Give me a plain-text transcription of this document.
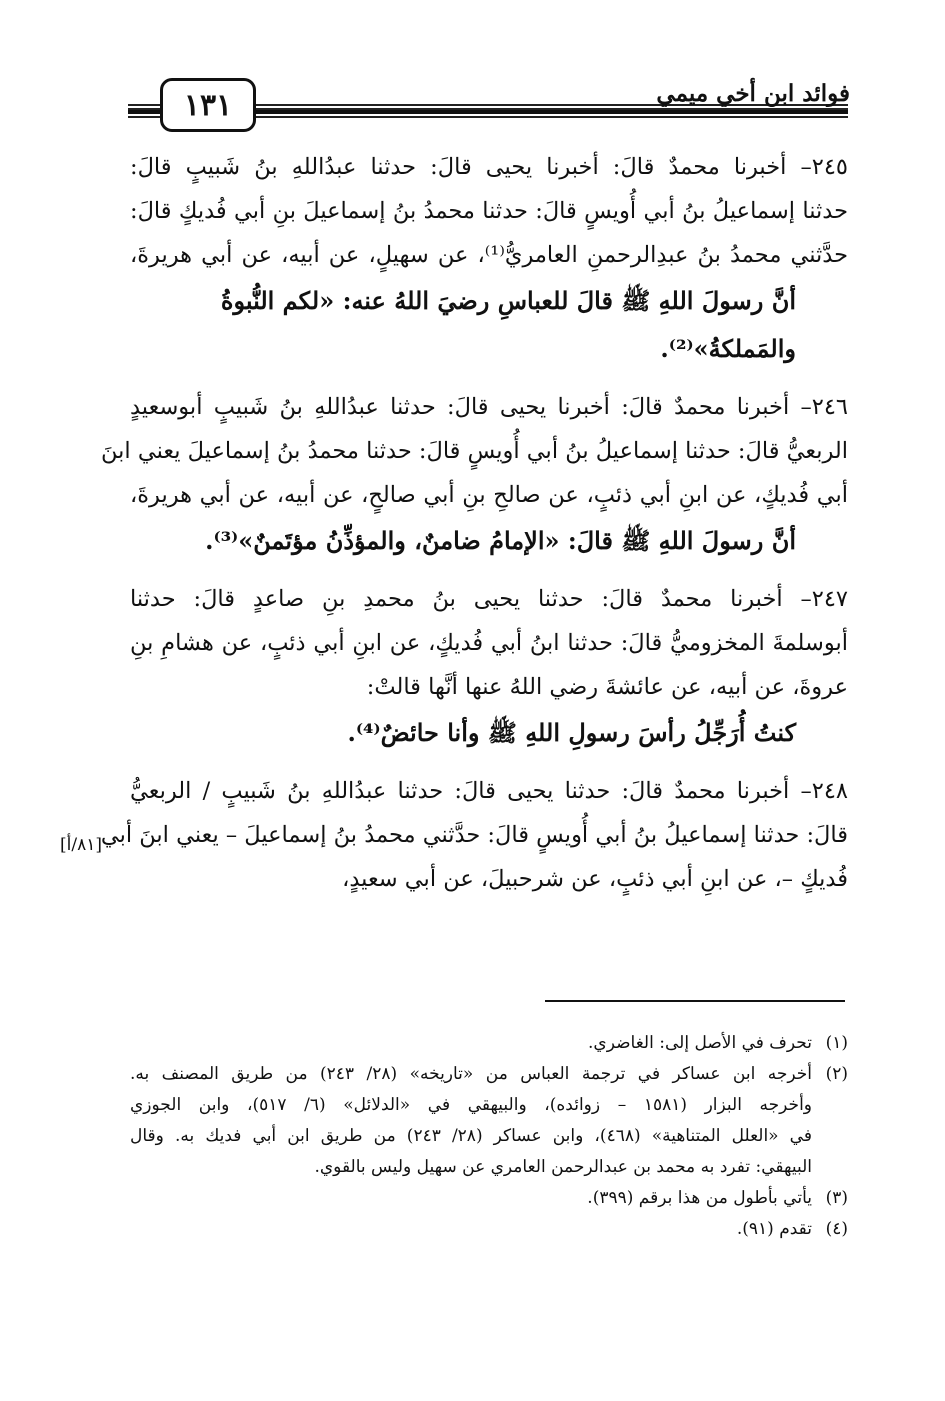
١٣١	فوائد ابن أخي ميمي
٢٤٥– أخبرنا محمدٌ قالَ: أخبرنا يحيى قالَ: حدثنا عبدُاللهِ بنُ شَبيبٍ قالَ:
حدثنا إسماعيلُ بنُ أبي أُويسٍ قالَ: حدثنا محمدُ بنُ إسماعيلَ بنِ أبي فُديكٍ قالَ:
حدَّثني محمدُ بنُ عبدِالرحمنِ العامريُّ⁽¹⁾، عن سهيلٍ، عن أبيه، عن أبي هريرةَ،
أنَّ رسولَ اللهِ ﷺ قالَ للعباسِ رضيَ اللهُ عنه: «لكم النُّبوةُ والمَملكةُ»⁽²⁾.
٢٤٦– أخبرنا محمدٌ قالَ: أخبرنا يحيى قالَ: حدثنا عبدُاللهِ بنُ شَبيبٍ أبوسعيدٍ
الربعيُّ قالَ: حدثنا إسماعيلُ بنُ أبي أُويسٍ قالَ: حدثنا محمدُ بنُ إسماعيلَ يعني ابنَ
أبي فُديكٍ، عن ابنِ أبي ذئبٍ، عن صالحِ بنِ أبي صالحٍ، عن أبيه، عن أبي هريرةَ،
أنَّ رسولَ اللهِ ﷺ قالَ: «الإمامُ ضامنٌ، والمؤذِّنُ مؤتَمنٌ»⁽³⁾.
٢٤٧– أخبرنا محمدٌ قالَ: حدثنا يحيى بنُ محمدِ بنِ صاعدٍ قالَ: حدثنا
أبوسلمةَ المخزوميُّ قالَ: حدثنا ابنُ أبي فُديكٍ، عن ابنِ أبي ذئبٍ، عن هشامِ بنِ
عروةَ، عن أبيه، عن عائشةَ رضي اللهُ عنها أنَّها قالتْ:
كنتُ أُرَجِّلُ رأسَ رسولِ اللهِ ﷺ وأنا حائضٌ⁽⁴⁾.
٢٤٨– أخبرنا محمدٌ قالَ: حدثنا يحيى قالَ: حدثنا عبدُاللهِ بنُ شَبيبٍ / الربعيُّ
قالَ: حدثنا إسماعيلُ بنُ أبي أُويسٍ قالَ: حدَّثني محمدُ بنُ إسماعيلَ – يعني ابنَ أبي
فُديكٍ –، عن ابنِ أبي ذئبٍ، عن شرحبيلَ، عن أبي سعيدٍ،
[٨١/أ]
(١)تحرف في الأصل إلى: الغاضري.
(٢)أخرجه ابن عساكر في ترجمة العباس من «تاريخه» (٢٨/ ٢٤٣) من طريق المصنف به.
وأخرجه البزار (١٥٨١ – زوائده)، والبيهقي في «الدلائل» (٦/ ٥١٧)، وابن الجوزي
في «العلل المتناهية» (٤٦٨)، وابن عساكر (٢٨/ ٢٤٣) من طريق ابن أبي فديك به. وقال
البيهقي: تفرد به محمد بن عبدالرحمن العامري عن سهيل وليس بالقوي.
(٣)يأتي بأطول من هذا برقم (٣٩٩).
(٤)تقدم (٩١).
